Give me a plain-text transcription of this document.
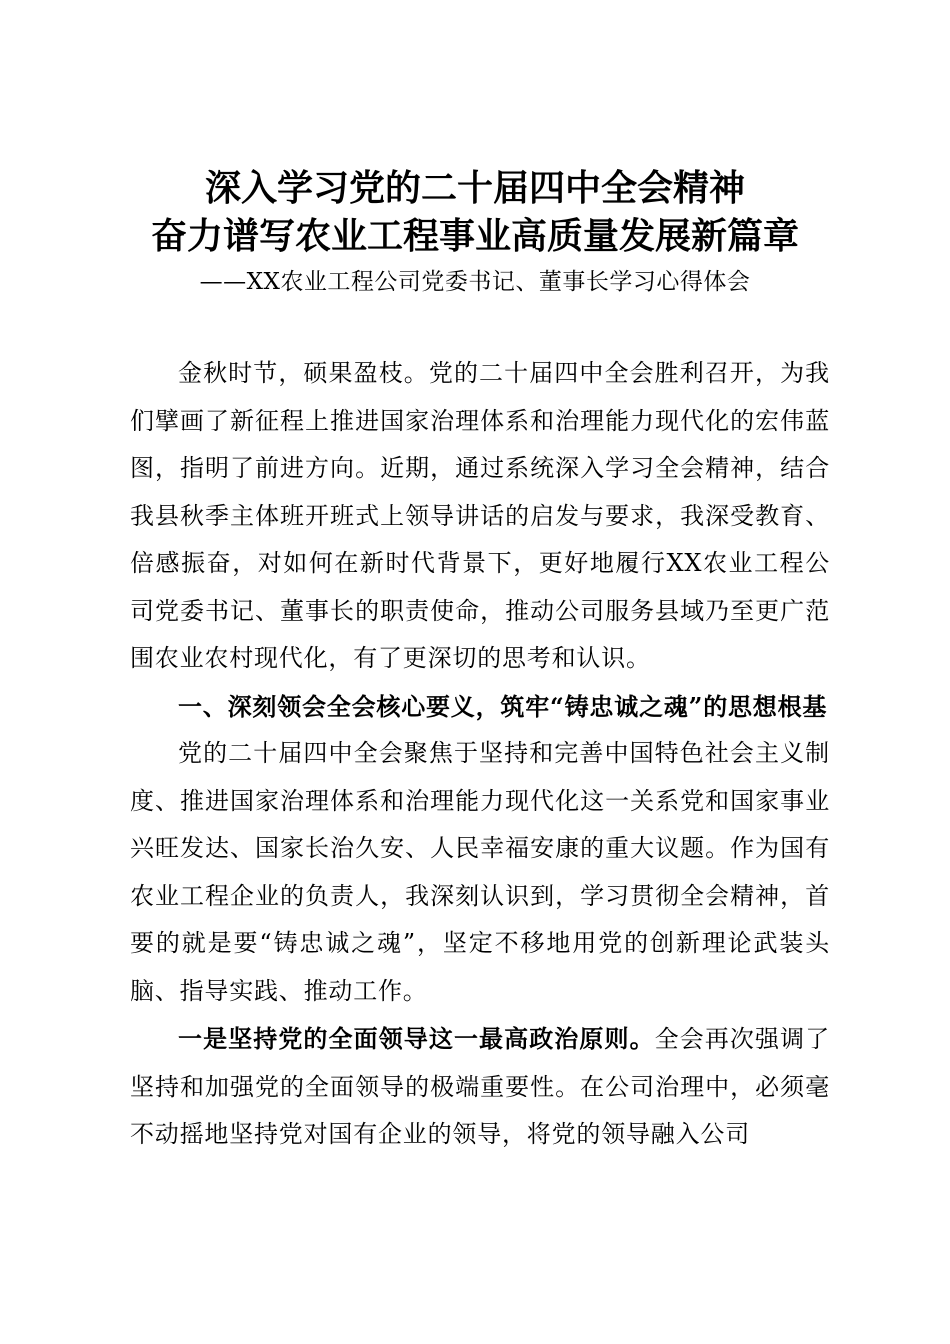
深入学习党的二十届四中全会精神
奋力谱写农业工程事业高质量发展新篇章
——XX农业工程公司党委书记、董事长学习心得体会

金秋时节，硕果盈枝。党的二十届四中全会胜利召开，为我们擘画了新征程上推进国家治理体系和治理能力现代化的宏伟蓝图，指明了前进方向。近期，通过系统深入学习全会精神，结合我县秋季主体班开班式上领导讲话的启发与要求，我深受教育、倍感振奋，对如何在新时代背景下，更好地履行XX农业工程公司党委书记、董事长的职责使命，推动公司服务县域乃至更广范围农业农村现代化，有了更深切的思考和认识。

一、深刻领会全会核心要义，筑牢“铸忠诚之魂”的思想根基

党的二十届四中全会聚焦于坚持和完善中国特色社会主义制度、推进国家治理体系和治理能力现代化这一关系党和国家事业兴旺发达、国家长治久安、人民幸福安康的重大议题。作为国有农业工程企业的负责人，我深刻认识到，学习贯彻全会精神，首要的就是要“铸忠诚之魂”，坚定不移地用党的创新理论武装头脑、指导实践、推动工作。

一是坚持党的全面领导这一最高政治原则。全会再次强调了坚持和加强党的全面领导的极端重要性。在公司治理中，必须毫不动摇地坚持党对国有企业的领导，将党的领导融入公司
